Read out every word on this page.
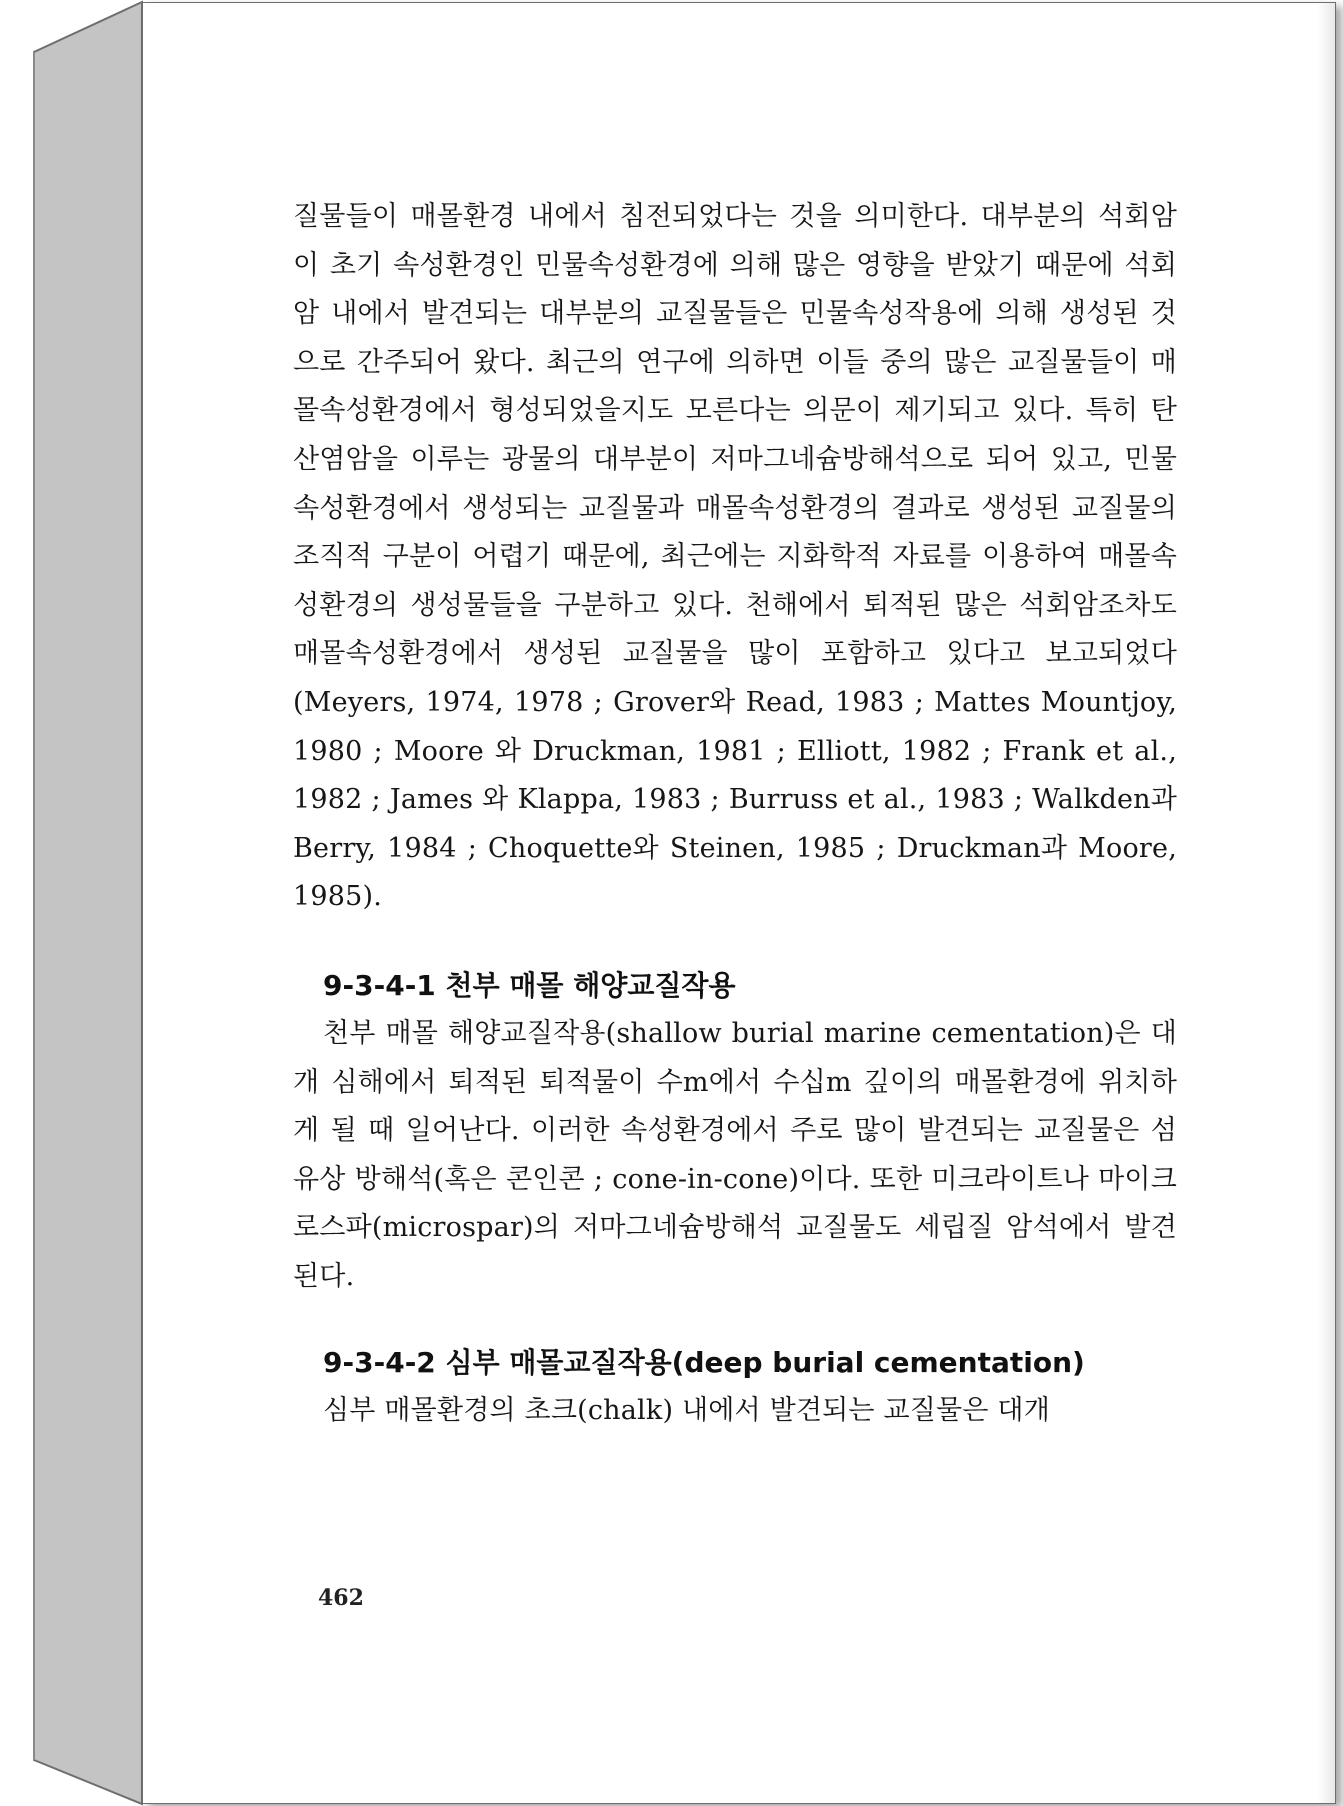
질물들이 매몰환경 내에서 침전되었다는 것을 의미한다. 대부분의 석회암이 초기 속성환경인 민물속성환경에 의해 많은 영향을 받았기 때문에 석회암 내에서 발견되는 대부분의 교질물들은 민물속성작용에 의해 생성된 것으로 간주되어 왔다. 최근의 연구에 의하면 이들 중의 많은 교질물들이 매몰속성환경에서 형성되었을지도 모른다는 의문이 제기되고 있다. 특히 탄산염암을 이루는 광물의 대부분이 저마그네슘방해석으로 되어 있고, 민물속성환경에서 생성되는 교질물과 매몰속성환경의 결과로 생성된 교질물의 조직적 구분이 어렵기 때문에, 최근에는 지화학적 자료를 이용하여 매몰속성환경의 생성물들을 구분하고 있다. 천해에서 퇴적된 많은 석회암조차도 매몰속성환경에서 생성된 교질물을 많이 포함하고 있다고 보고되었다(Meyers, 1974, 1978 ; Grover와 Read, 1983 ; Mattes Mountjoy, 1980 ; Moore 와 Druckman, 1981 ; Elliott, 1982 ; Frank et al., 1982 ; James 와 Klappa, 1983 ; Burruss et al., 1983 ; Walkden과 Berry, 1984 ; Choquette와 Steinen, 1985 ; Druckman과 Moore, 1985).

9-3-4-1 천부 매몰 해양교질작용

천부 매몰 해양교질작용(shallow burial marine cementation)은 대개 심해에서 퇴적된 퇴적물이 수m에서 수십m 깊이의 매몰환경에 위치하게 될 때 일어난다. 이러한 속성환경에서 주로 많이 발견되는 교질물은 섬유상 방해석(혹은 콘인콘 ; cone-in-cone)이다. 또한 미크라이트나 마이크로스파(microspar)의 저마그네슘방해석 교질물도 세립질 암석에서 발견된다.

9-3-4-2 심부 매몰교질작용(deep burial cementation)

심부 매몰환경의 초크(chalk) 내에서 발견되는 교질물은 대개

462
